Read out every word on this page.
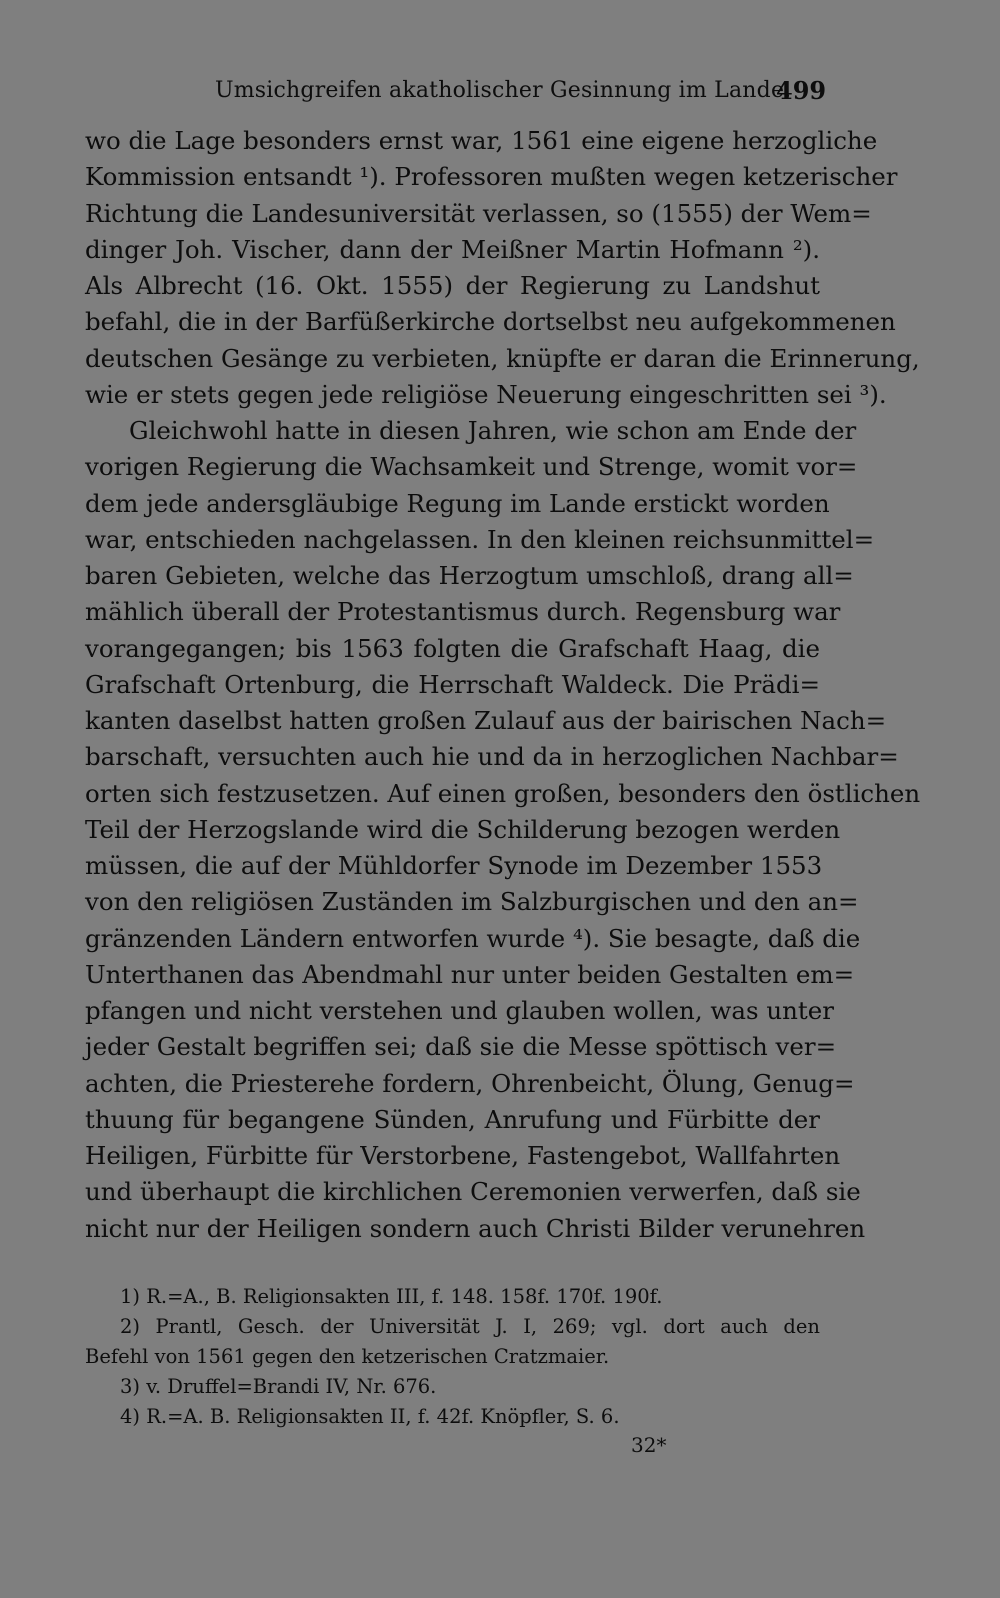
Umsichgreifen akatholischer Gesinnung im Lande.
499
wo die Lage besonders ernst war, 1561 eine eigene herzogliche
Kommission entsandt ¹). Professoren mußten wegen ketzerischer
Richtung die Landesuniversität verlassen, so (1555) der Wem=
dinger Joh. Vischer, dann der Meißner Martin Hofmann ²).
Als Albrecht (16. Okt. 1555) der Regierung zu Landshut
befahl, die in der Barfüßerkirche dortselbst neu aufgekommenen
deutschen Gesänge zu verbieten, knüpfte er daran die Erinnerung,
wie er stets gegen jede religiöse Neuerung eingeschritten sei ³).
Gleichwohl hatte in diesen Jahren, wie schon am Ende der
vorigen Regierung die Wachsamkeit und Strenge, womit vor=
dem jede andersgläubige Regung im Lande erstickt worden
war, entschieden nachgelassen. In den kleinen reichsunmittel=
baren Gebieten, welche das Herzogtum umschloß, drang all=
mählich überall der Protestantismus durch. Regensburg war
vorangegangen; bis 1563 folgten die Grafschaft Haag, die
Grafschaft Ortenburg, die Herrschaft Waldeck. Die Prädi=
kanten daselbst hatten großen Zulauf aus der bairischen Nach=
barschaft, versuchten auch hie und da in herzoglichen Nachbar=
orten sich festzusetzen. Auf einen großen, besonders den östlichen
Teil der Herzogslande wird die Schilderung bezogen werden
müssen, die auf der Mühldorfer Synode im Dezember 1553
von den religiösen Zuständen im Salzburgischen und den an=
gränzenden Ländern entworfen wurde ⁴). Sie besagte, daß die
Unterthanen das Abendmahl nur unter beiden Gestalten em=
pfangen und nicht verstehen und glauben wollen, was unter
jeder Gestalt begriffen sei; daß sie die Messe spöttisch ver=
achten, die Priesterehe fordern, Ohrenbeicht, Ölung, Genug=
thuung für begangene Sünden, Anrufung und Fürbitte der
Heiligen, Fürbitte für Verstorbene, Fastengebot, Wallfahrten
und überhaupt die kirchlichen Ceremonien verwerfen, daß sie
nicht nur der Heiligen sondern auch Christi Bilder verunehren
1) R.=A., B. Religionsakten III, f. 148. 158f. 170f. 190f.
2) Prantl, Gesch. der Universität J. I, 269; vgl. dort auch den
Befehl von 1561 gegen den ketzerischen Cratzmaier.
3) v. Druffel=Brandi IV, Nr. 676.
4) R.=A. B. Religionsakten II, f. 42f. Knöpfler, S. 6.
32*
